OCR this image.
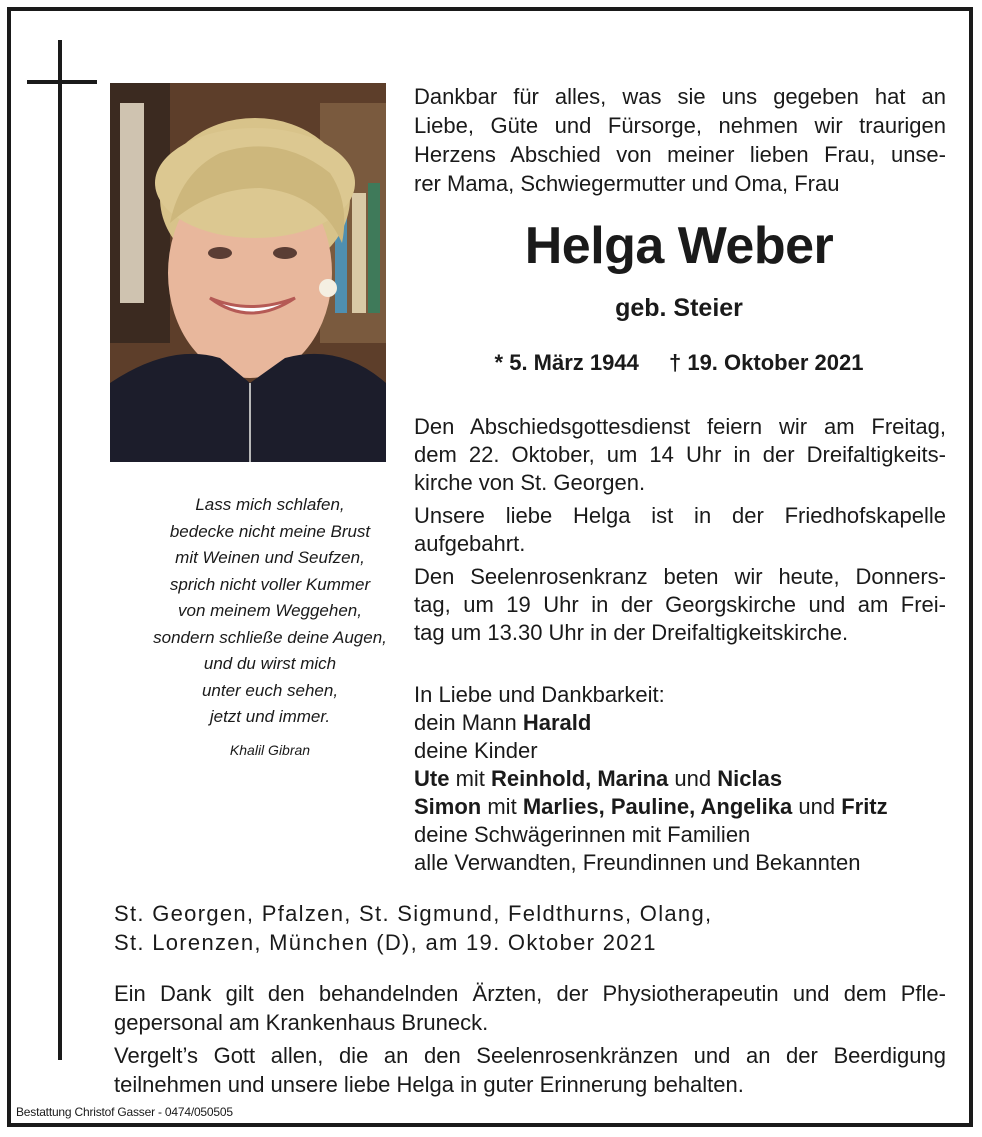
Dankbar für alles, was sie uns gegeben hat an
Liebe, Güte und Fürsorge, nehmen wir traurigen
Herzens Abschied von meiner lieben Frau, unse-
rer Mama, Schwiegermutter und Oma, Frau
Helga Weber
geb. Steier
* 5. März 1944 † 19. Oktober 2021
Den Abschiedsgottesdienst feiern wir am Freitag,
dem 22. Oktober, um 14 Uhr in der Dreifaltigkeits-
kirche von St. Georgen.
Unsere liebe Helga ist in der Friedhofskapelle
aufgebahrt.
Den Seelenrosenkranz beten wir heute, Donners-
tag, um 19 Uhr in der Georgskirche und am Frei-
tag um 13.30 Uhr in der Dreifaltigkeitskirche.
In Liebe und Dankbarkeit:
dein Mann Harald
deine Kinder
Ute mit Reinhold, Marina und Niclas
Simon mit Marlies, Pauline, Angelika und Fritz
deine Schwägerinnen mit Familien
alle Verwandten, Freundinnen und Bekannten
Lass mich schlafen,
bedecke nicht meine Brust
mit Weinen und Seufzen,
sprich nicht voller Kummer
von meinem Weggehen,
sondern schließe deine Augen,
und du wirst mich
unter euch sehen,
jetzt und immer.
Khalil Gibran
St. Georgen, Pfalzen, St. Sigmund, Feldthurns, Olang,
St. Lorenzen, München (D), am 19. Oktober 2021
Ein Dank gilt den behandelnden Ärzten, der Physiotherapeutin und dem Pfle-
gepersonal am Krankenhaus Bruneck.
Vergelt’s Gott allen, die an den Seelenrosenkränzen und an der Beerdigung
teilnehmen und unsere liebe Helga in guter Erinnerung behalten.
Bestattung Christof Gasser - 0474/050505
